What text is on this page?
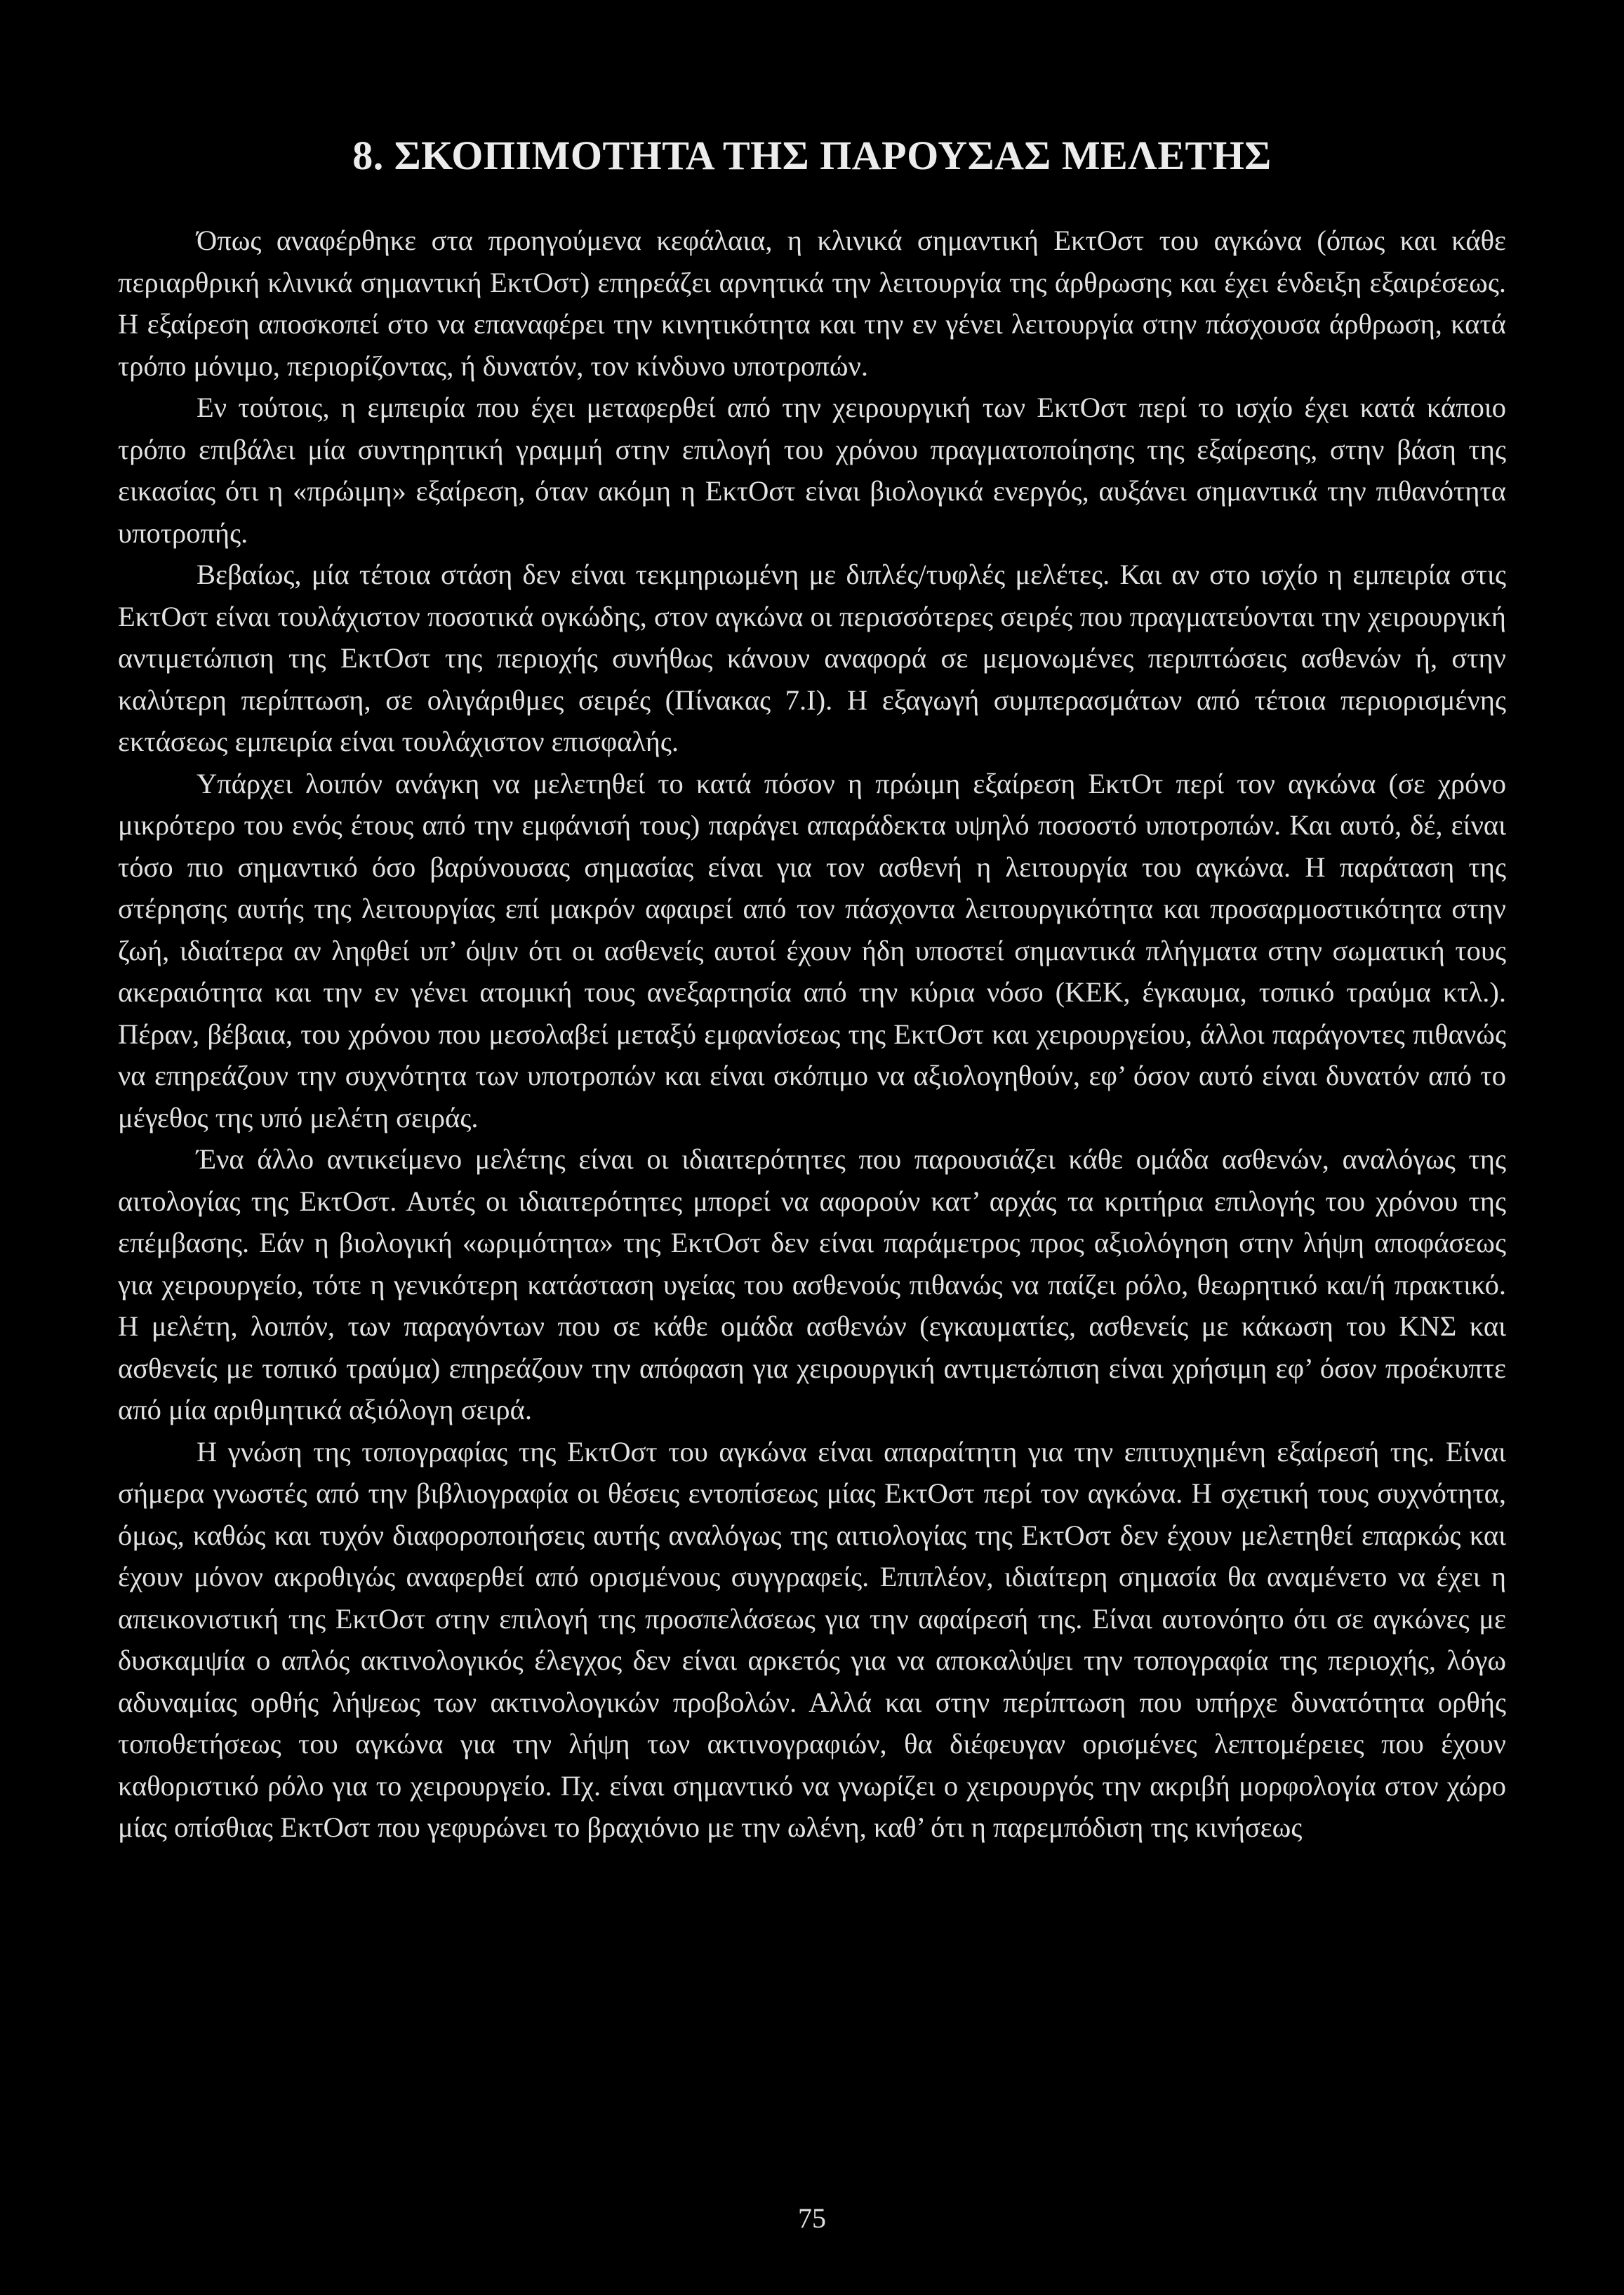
8. ΣΚΟΠΙΜΟΤΗΤΑ ΤΗΣ ΠΑΡΟΥΣΑΣ ΜΕΛΕΤΗΣ

Όπως αναφέρθηκε στα προηγούμενα κεφάλαια, η κλινικά σημαντική ΕκτΟστ του αγκώνα (όπως και κάθε περιαρθρική κλινικά σημαντική ΕκτΟστ) επηρεάζει αρνητικά την λειτουργία της άρθρωσης και έχει ένδειξη εξαιρέσεως. Η εξαίρεση αποσκοπεί στο να επαναφέρει την κινητικότητα και την εν γένει λειτουργία στην πάσχουσα άρθρωση, κατά τρόπο μόνιμο, περιορίζοντας, ή δυνατόν, τον κίνδυνο υποτροπών.

Εν τούτοις, η εμπειρία που έχει μεταφερθεί από την χειρουργική των ΕκτΟστ περί το ισχίο έχει κατά κάποιο τρόπο επιβάλει μία συντηρητική γραμμή στην επιλογή του χρόνου πραγματοποίησης της εξαίρεσης, στην βάση της εικασίας ότι η «πρώιμη» εξαίρεση, όταν ακόμη η ΕκτΟστ είναι βιολογικά ενεργός, αυξάνει σημαντικά την πιθανότητα υποτροπής.

Βεβαίως, μία τέτοια στάση δεν είναι τεκμηριωμένη με διπλές/τυφλές μελέτες. Και αν στο ισχίο η εμπειρία στις ΕκτΟστ είναι τουλάχιστον ποσοτικά ογκώδης, στον αγκώνα οι περισσότερες σειρές που πραγματεύονται την χειρουργική αντιμετώπιση της ΕκτΟστ της περιοχής συνήθως κάνουν αναφορά σε μεμονωμένες περιπτώσεις ασθενών ή, στην καλύτερη περίπτωση, σε ολιγάριθμες σειρές (Πίνακας 7.Ι). Η εξαγωγή συμπερασμάτων από τέτοια περιορισμένης εκτάσεως εμπειρία είναι τουλάχιστον επισφαλής.

Υπάρχει λοιπόν ανάγκη να μελετηθεί το κατά πόσον η πρώιμη εξαίρεση ΕκτΟτ περί τον αγκώνα (σε χρόνο μικρότερο του ενός έτους από την εμφάνισή τους) παράγει απαράδεκτα υψηλό ποσοστό υποτροπών. Και αυτό, δέ, είναι τόσο πιο σημαντικό όσο βαρύνουσας σημασίας είναι για τον ασθενή η λειτουργία του αγκώνα. Η παράταση της στέρησης αυτής της λειτουργίας επί μακρόν αφαιρεί από τον πάσχοντα λειτουργικότητα και προσαρμοστικότητα στην ζωή, ιδιαίτερα αν ληφθεί υπ’ όψιν ότι οι ασθενείς αυτοί έχουν ήδη υποστεί σημαντικά πλήγματα στην σωματική τους ακεραιότητα και την εν γένει ατομική τους ανεξαρτησία από την κύρια νόσο (ΚΕΚ, έγκαυμα, τοπικό τραύμα κτλ.). Πέραν, βέβαια, του χρόνου που μεσολαβεί μεταξύ εμφανίσεως της ΕκτΟστ και χειρουργείου, άλλοι παράγοντες πιθανώς να επηρεάζουν την συχνότητα των υποτροπών και είναι σκόπιμο να αξιολογηθούν, εφ’ όσον αυτό είναι δυνατόν από το μέγεθος της υπό μελέτη σειράς.

Ένα άλλο αντικείμενο μελέτης είναι οι ιδιαιτερότητες που παρουσιάζει κάθε ομάδα ασθενών, αναλόγως της αιτολογίας της ΕκτΟστ. Αυτές οι ιδιαιτερότητες μπορεί να αφορούν κατ’ αρχάς τα κριτήρια επιλογής του χρόνου της επέμβασης. Εάν η βιολογική «ωριμότητα» της ΕκτΟστ δεν είναι παράμετρος προς αξιολόγηση στην λήψη αποφάσεως για χειρουργείο, τότε η γενικότερη κατάσταση υγείας του ασθενούς πιθανώς να παίζει ρόλο, θεωρητικό και/ή πρακτικό. Η μελέτη, λοιπόν, των παραγόντων που σε κάθε ομάδα ασθενών (εγκαυματίες, ασθενείς με κάκωση του ΚΝΣ και ασθενείς με τοπικό τραύμα) επηρεάζουν την απόφαση για χειρουργική αντιμετώπιση είναι χρήσιμη εφ’ όσον προέκυπτε από μία αριθμητικά αξιόλογη σειρά.

Η γνώση της τοπογραφίας της ΕκτΟστ του αγκώνα είναι απαραίτητη για την επιτυχημένη εξαίρεσή της. Είναι σήμερα γνωστές από την βιβλιογραφία οι θέσεις εντοπίσεως μίας ΕκτΟστ περί τον αγκώνα. Η σχετική τους συχνότητα, όμως, καθώς και τυχόν διαφοροποιήσεις αυτής αναλόγως της αιτιολογίας της ΕκτΟστ δεν έχουν μελετηθεί επαρκώς και έχουν μόνον ακροθιγώς αναφερθεί από ορισμένους συγγραφείς. Επιπλέον, ιδιαίτερη σημασία θα αναμένετο να έχει η απεικονιστική της ΕκτΟστ στην επιλογή της προσπελάσεως για την αφαίρεσή της. Είναι αυτονόητο ότι σε αγκώνες με δυσκαμψία ο απλός ακτινολογικός έλεγχος δεν είναι αρκετός για να αποκαλύψει την τοπογραφία της περιοχής, λόγω αδυναμίας ορθής λήψεως των ακτινολογικών προβολών. Αλλά και στην περίπτωση που υπήρχε δυνατότητα ορθής τοποθετήσεως του αγκώνα για την λήψη των ακτινογραφιών, θα διέφευγαν ορισμένες λεπτομέρειες που έχουν καθοριστικό ρόλο για το χειρουργείο. Πχ. είναι σημαντικό να γνωρίζει ο χειρουργός την ακριβή μορφολογία στον χώρο μίας οπίσθιας ΕκτΟστ που γεφυρώνει το βραχιόνιο με την ωλένη, καθ’ ότι η παρεμπόδιση της κινήσεως

75
